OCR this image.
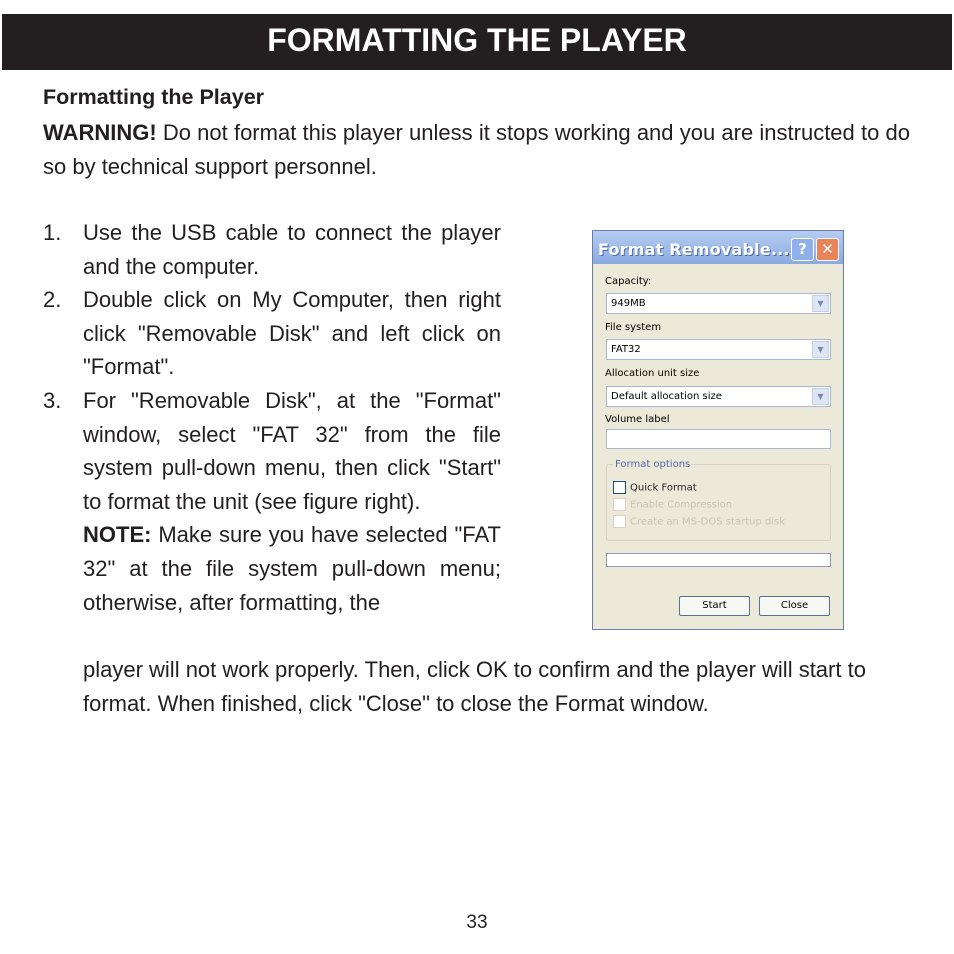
FORMATTING THE PLAYER
Formatting the Player
WARNING! Do not format this player unless it stops working and you are instructed to do so by technical support personnel.
1. Use the USB cable to connect the player and the computer.
2. Double click on My Computer, then right click "Removable Disk" and left click on "Format".
3. For "Removable Disk", at the "Format" window, select "FAT 32" from the file system pull-down menu, then click "Start" to format the unit (see figure right).
NOTE: Make sure you have selected "FAT 32" at the file system pull-down menu; otherwise, after formatting, the
player will not work properly. Then, click OK to confirm and the player will start to format. When finished, click "Close" to close the Format window.
Format Removable... ? ✕
Capacity:
949MB	▼
File system
FAT32	▼
Allocation unit size
Default allocation size	▼
Volume label
Format options
Quick Format
Enable Compression
Create an MS-DOS startup disk
Start	Close
33
